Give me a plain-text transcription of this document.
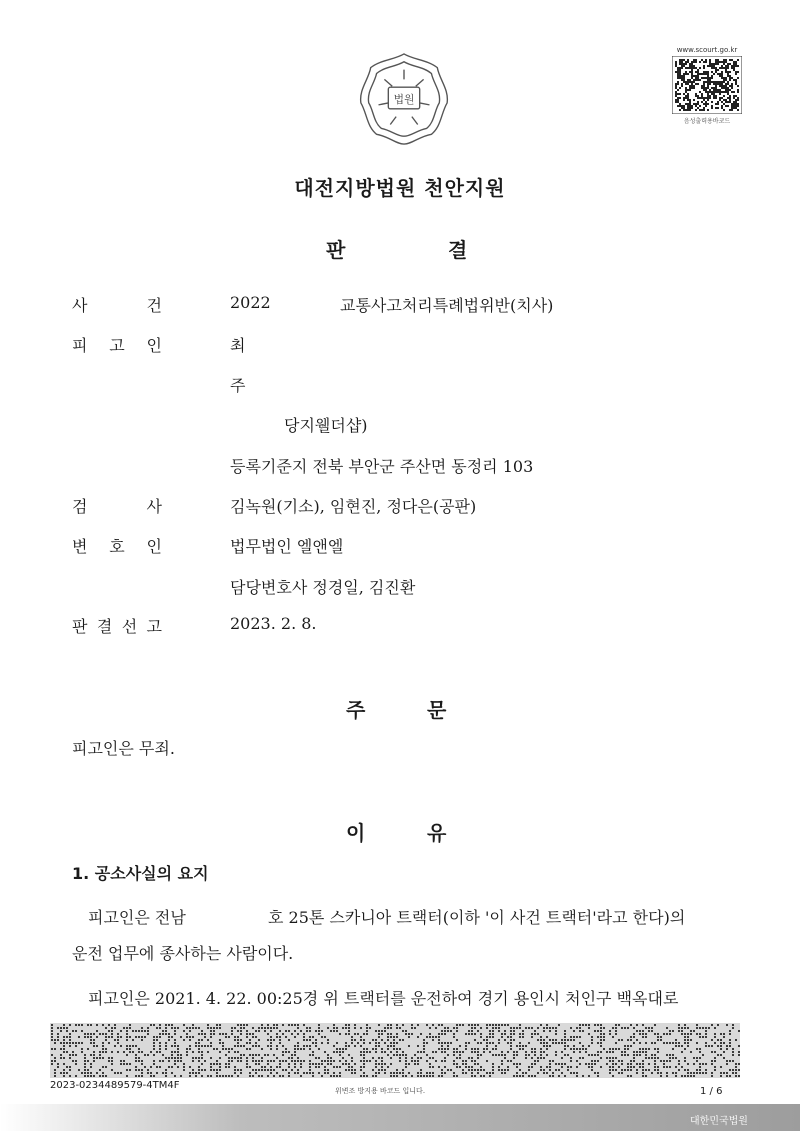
법원
www.scourt.go.kr
음성출력용바코드
대전지방법원 천안지원
판	결
사	건	2022	교통사고처리특례법위반(치사)
피 고 인	최
주
당지웰더샵)
등록기준지 전북 부안군 주산면 동정리 103
검	사	김녹원(기소), 임현진, 정다은(공판)
변 호 인	법무법인 엘앤엘
담당변호사 정경일, 김진환
판 결 선 고	2023. 2. 8.
주	문
피고인은 무죄.
이	유
1. 공소사실의 요지
피고인은 전남	호 25톤 스카니아 트랙터(이하 '이 사건 트랙터'라고 한다)의
운전 업무에 종사하는 사람이다.
피고인은 2021. 4. 22. 00:25경 위 트랙터를 운전하여 경기 용인시 처인구 백옥대로
2023-0234489579-4TM4F	위변조 방지용 바코드 입니다.	1 / 6
대한민국법원
